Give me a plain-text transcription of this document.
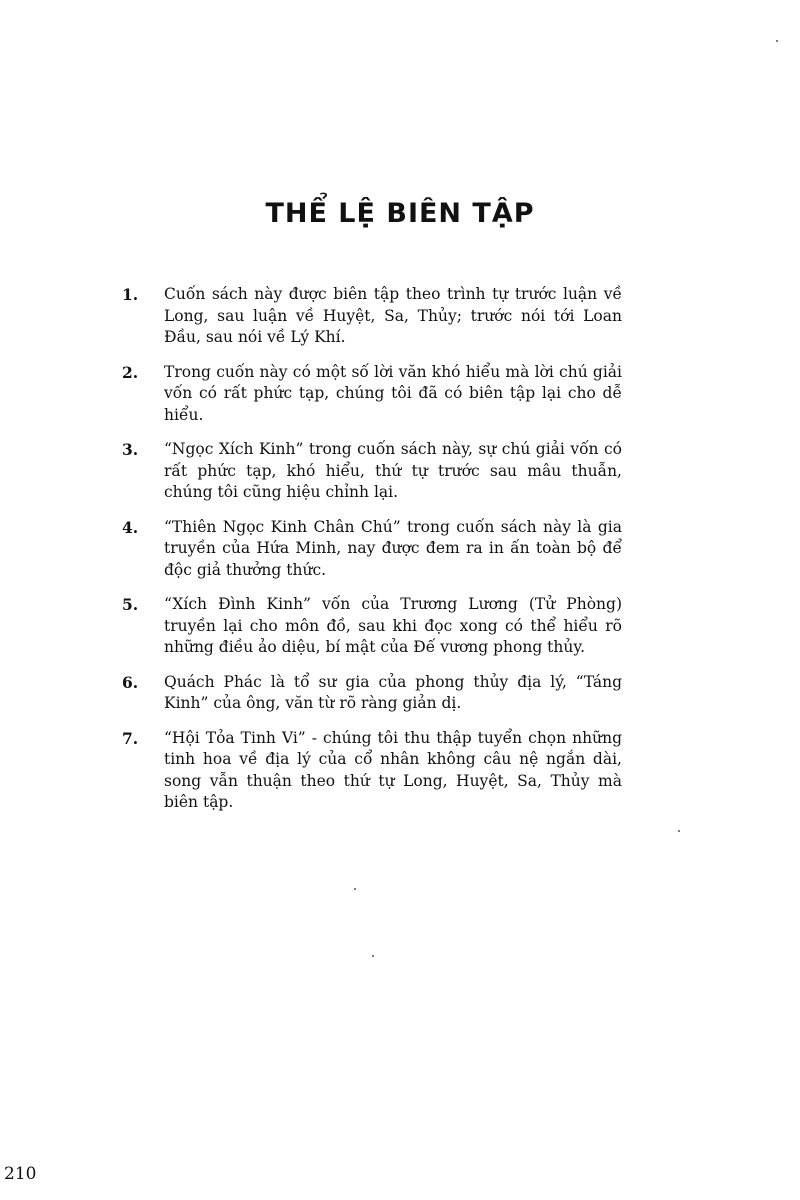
THỂ LỆ BIÊN TẬP
1.	Cuốn sách này được biên tập theo trình tự trước luận về Long, sau luận về Huyệt, Sa, Thủy; trước nói tới Loan Đầu, sau nói về Lý Khí.
2.	Trong cuốn này có một số lời văn khó hiểu mà lời chú giải vốn có rất phức tạp, chúng tôi đã có biên tập lại cho dễ hiểu.
3.	“Ngọc Xích Kinh” trong cuốn sách này, sự chú giải vốn có rất phức tạp, khó hiểu, thứ tự trước sau mâu thuẫn, chúng tôi cũng hiệu chỉnh lại.
4.	“Thiên Ngọc Kinh Chân Chú” trong cuốn sách này là gia truyền của Hứa Minh, nay được đem ra in ấn toàn bộ để độc giả thưởng thức.
5.	“Xích Đình Kinh” vốn của Trương Lương (Tử Phòng) truyền lại cho môn đồ, sau khi đọc xong có thể hiểu rõ những điều ảo diệu, bí mật của Đế vương phong thủy.
6.	Quách Phác là tổ sư gia của phong thủy địa lý, “Táng Kinh” của ông, văn từ rõ ràng giản dị.
7.	“Hội Tỏa Tinh Vi” - chúng tôi thu thập tuyển chọn những tinh hoa về địa lý của cổ nhân không câu nệ ngắn dài, song vẫn thuận theo thứ tự Long, Huyệt, Sa, Thủy mà biên tập.
210
